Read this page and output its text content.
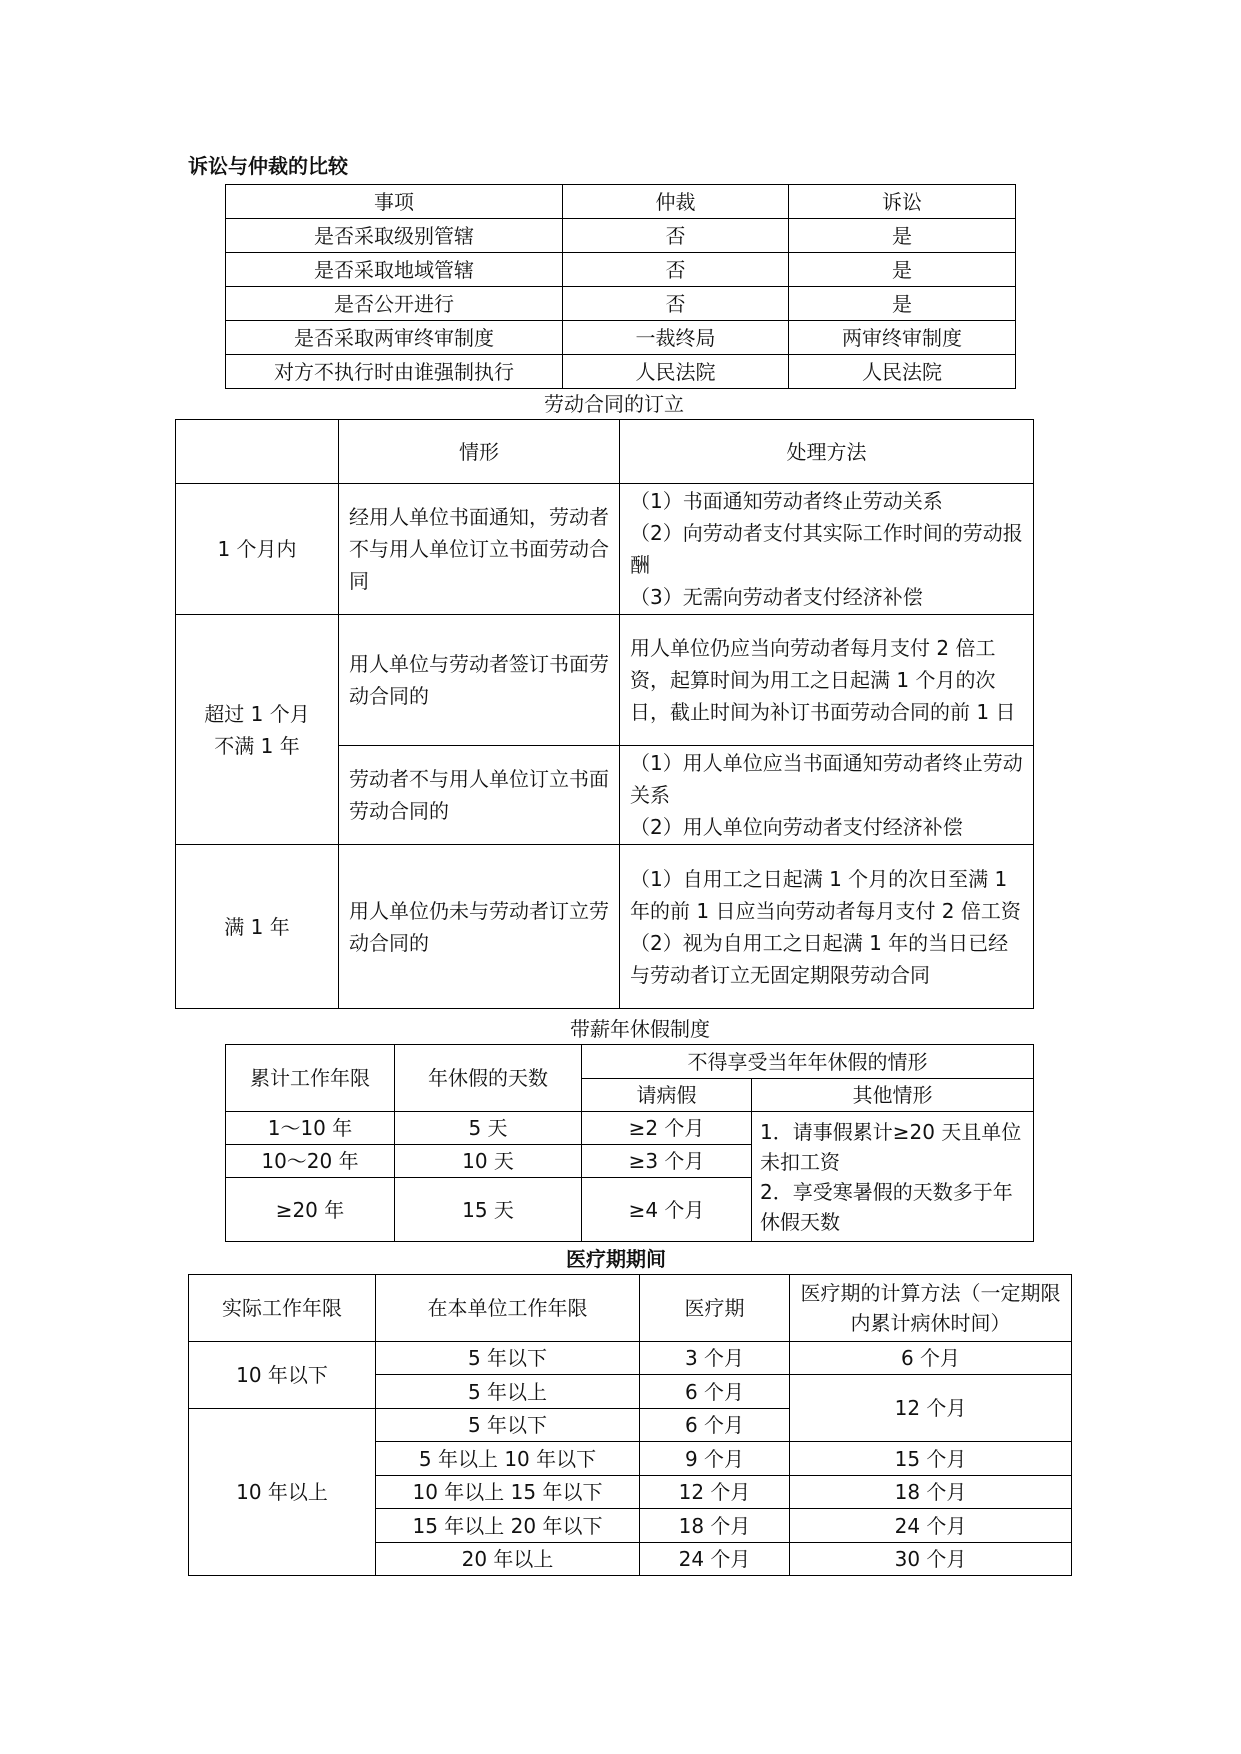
诉讼与仲裁的比较
事项	仲裁	诉讼
是否采取级别管辖	否	是
是否采取地域管辖	否	是
是否公开进行	否	是
是否采取两审终审制度	一裁终局	两审终审制度
对方不执行时由谁强制执行	人民法院	人民法院
劳动合同的订立
	情形	处理方法
1 个月内	经用人单位书面通知，劳动者不与用人单位订立书面劳动合同	（1）书面通知劳动者终止劳动关系
（2）向劳动者支付其实际工作时间的劳动报酬
（3）无需向劳动者支付经济补偿

超过 1 个月
不满 1 年	用人单位与劳动者签订书面劳动合同的	用人单位仍应当向劳动者每月支付 2 倍工资，起算时间为用工之日起满 1 个月的次日，截止时间为补订书面劳动合同的前 1 日
	劳动者不与用人单位订立书面劳动合同的	（1）用人单位应当书面通知劳动者终止劳动关系
（2）用人单位向劳动者支付经济补偿

满 1 年	用人单位仍未与劳动者订立劳动合同的	（1）自用工之日起满 1 个月的次日至满 1 年的前 1 日应当向劳动者每月支付 2 倍工资
（2）视为自用工之日起满 1 年的当日已经与劳动者订立无固定期限劳动合同
带薪年休假制度
累计工作年限	年休假的天数	不得享受当年年休假的情形	
		请病假	其他情形
1～10 年	5 天	≥2 个月	1．请事假累计≥20 天且单位未扣工资
2．享受寒暑假的天数多于年休假天数

10～20 年	10 天	≥3 个月	
≥20 年	15 天	≥4 个月	
医疗期期间
实际工作年限	在本单位工作年限	医疗期	医疗期的计算方法（一定期限内累计病休时间）
10 年以下	5 年以下	3 个月	6 个月
	5 年以上	6 个月	12 个月
10 年以上	5 年以下	6 个月	
	5 年以上 10 年以下	9 个月	15 个月
	10 年以上 15 年以下	12 个月	18 个月
	15 年以上 20 年以下	18 个月	24 个月
	20 年以上	24 个月	30 个月
